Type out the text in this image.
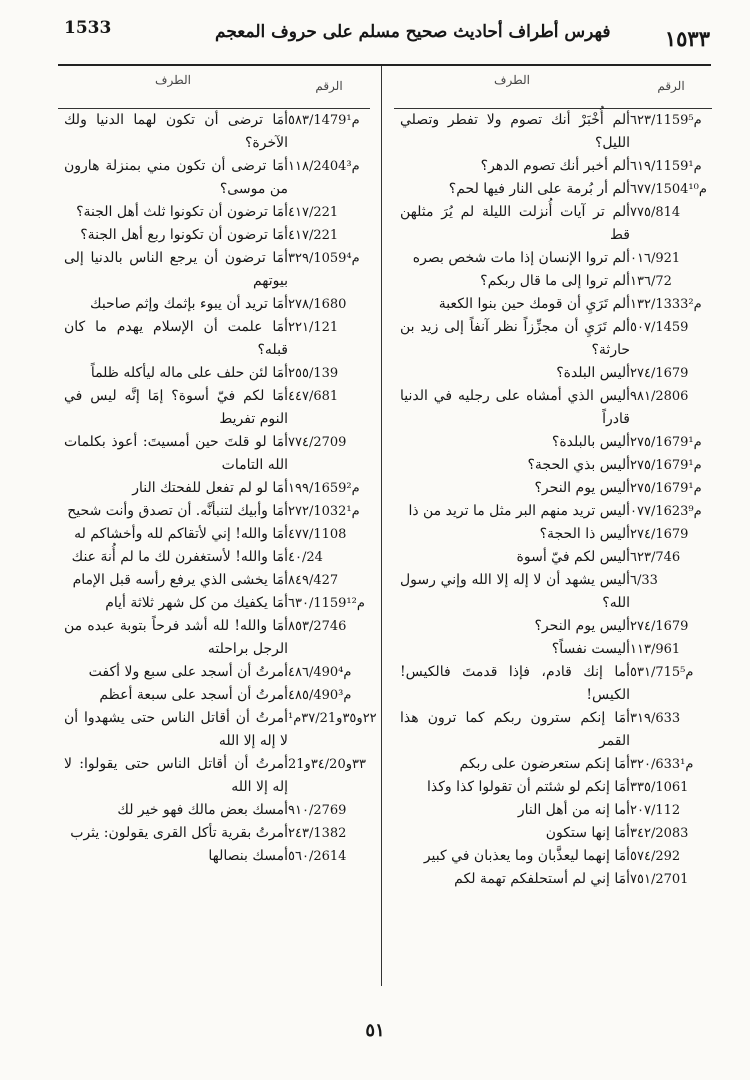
1533	فهرس أطراف أحاديث صحيح مسلم على حروف المعجم	١٥٣٣
الرقم
الطرف
٦٢٣/1159م⁵
ألم أُخْبَرْ أنك تصوم ولا تفطر وتصلي الليل؟
٦١٩/1159م¹
ألم أخبر أنك تصوم الدهر؟
٦٧٧/1504م¹⁰
ألم أر بُرمة على النار فيها لحم؟
٧٧٥/814
ألم تر آيات أُنزلت الليلة لم يُرَ مثلهن قط
٠١٦/921
ألم تروا الإنسان إذا مات شخص بصره
١٣٦/72
ألم تروا إلى ما قال ربكم؟
١٣٢/1333م²
ألم تَرَيِ أن قومك حين بنوا الكعبة
٥٠٧/1459
ألم تَرَيِ أن مجزِّزاً نظر آنفاً إلى زيد بن حارثة؟
٢٧٤/1679
أليس البلدة؟
٩٨١/2806
أليس الذي أمشاه على رجليه في الدنيا قادراً
٢٧٥/1679م¹
أليس بالبلدة؟
٢٧٥/1679م¹
أليس بذي الحجة؟
٢٧٥/1679م¹
أليس يوم النحر؟
٠٧٧/1623م⁹
أليس تريد منهم البر مثل ما تريد من ذا
٢٧٤/1679
أليس ذا الحجة؟
٦٢٣/746
أليس لكم فيّ أسوة
٦/33
أليس يشهد أن لا إله إلا الله وإني رسول الله؟
٢٧٤/1679
أليس يوم النحر؟
١١٣/961
أليست نفساً؟
٥٣١/715م⁵
أما إنك قادم، فإذا قدمتَ فالكيس! الكيس!
٣١٩/633
أمَا إنكم سترون ربكم كما ترون هذا القمر
٣٢٠/633م¹
أمَا إنكم ستعرضون على ربكم
٣٣٥/1061
أمَا إنكم لو شئتم أن تقولوا كذا وكذا
٢٠٧/112
أما إنه من أهل النار
٣٤٢/2083
أمَا إنها ستكون
٥٧٤/292
أمَا إنهما ليعذَّبان وما يعذبان في كبير
٧٥١/2701
أمَا إني لم أستحلفكم تهمة لكم
الرقم
الطرف
٥٨٣/1479م¹
أمَا ترضى أن تكون لهما الدنيا ولك الآخرة؟
١١٨/2404م³
أمَا ترضى أن تكون مني بمنزلة هارون من موسى؟
٤١٧/221
أمَا ترضون أن تكونوا ثلث أهل الجنة؟
٤١٧/221
أمَا ترضون أن تكونوا ربع أهل الجنة؟
٣٢٩/1059م⁴
أمَا ترضون أن يرجع الناس بالدنيا إلى بيوتهم
٢٧٨/1680
أمَا تريد أن يبوء بإثمك وإثم صاحبك
٢٢١/121
أمَا علمت أن الإسلام يهدم ما كان قبله؟
٢٥٥/139
أمَا لئن حلف على ماله ليأكله ظلماً
٤٤٧/681
أمَا لكم فيّ أسوة؟ إمَا إنَّه ليس في النوم تفريط
٧٧٤/2709
أمَا لو قلتَ حين أمسيتَ: أعوذ بكلمات الله التامات
١٩٩/1659م²
أمَا لو لم تفعل للفحتك النار
٢٧٢/1032م¹
أمَا وأبيك لتنبأنَّه. أن تصدق وأنت شحيح
٤٧٧/1108
أمَا والله! إني لأتقاكم لله وأخشاكم له
٤٠/24
أمَا والله! لأستغفرن لك ما لم أُنهَ عنك
٨٤٩/427
أمَا يخشى الذي يرفع رأسه قبل الإمام
٦٣٠/1159م¹²
أمَا يكفيك من كل شهر ثلاثة أيام
٨٥٣/2746
أمَا والله! لله أشد فرحاً بتوبة عبده من الرجل براحلته
٤٨٦/490م⁴
أمرتُ أن أسجد على سبع ولا أكفت
٤٨٥/490م³
أمرتُ أن أسجد على سبعة أعظم
٢٢و٣٥و٣٧/21م¹
أمرتُ أن أقاتل الناس حتى يشهدوا أن لا إله إلا الله
٣٣و٣٤/20و21
أمرتُ أن أقاتل الناس حتى يقولوا: لا إله إلا الله
٩١٠/2769
أمسك بعض مالك فهو خير لك
٢٤٣/1382
أمرتُ بقرية تأكل القرى يقولون: يثرب
٥٦٠/2614
أمسك بنصالها
٥١
